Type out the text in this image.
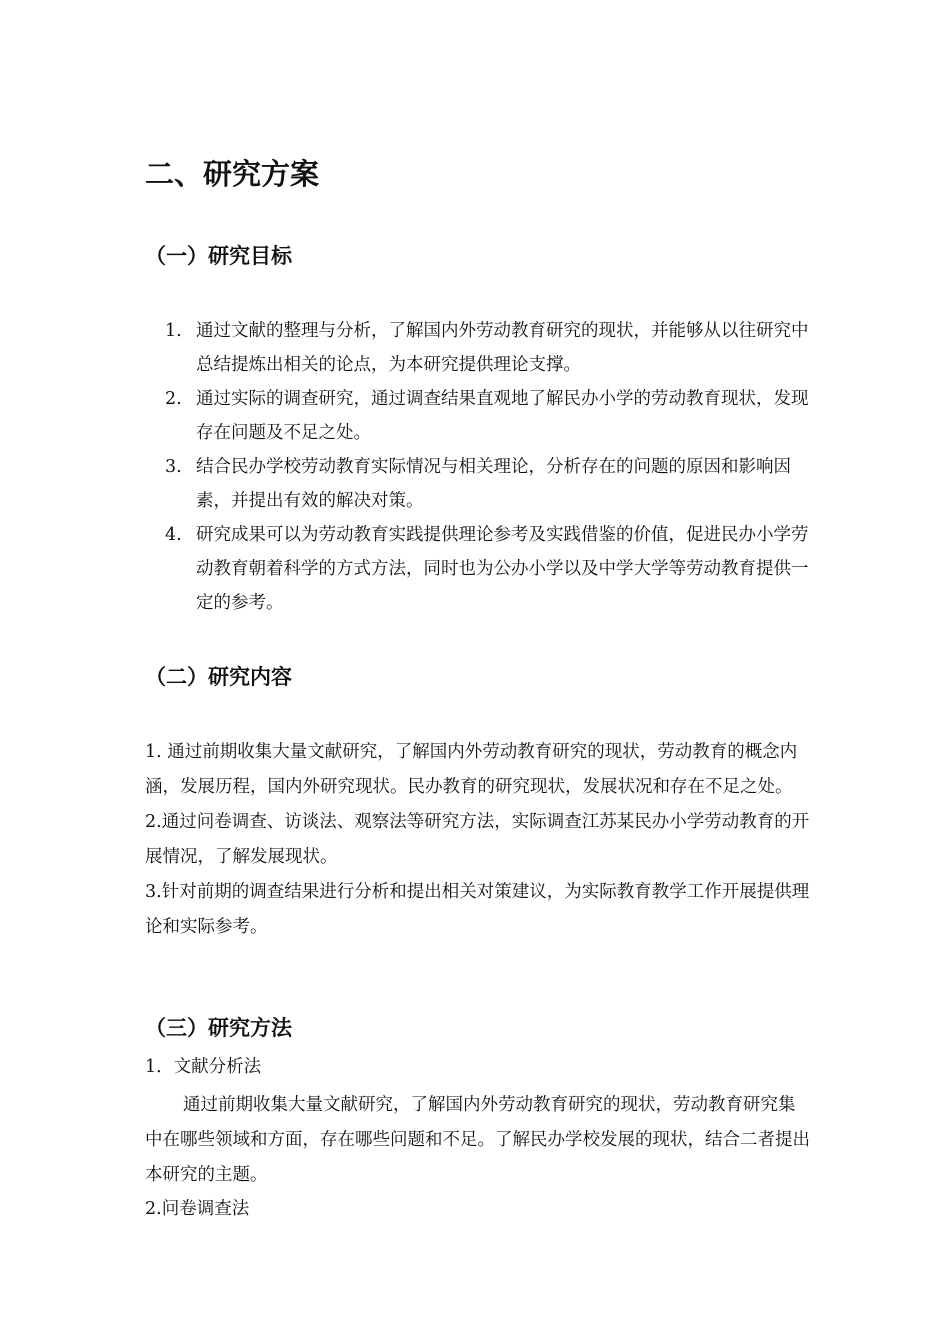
二、研究方案
（一）研究目标
1. 通过文献的整理与分析，了解国内外劳动教育研究的现状，并能够从以往研究中总结提炼出相关的论点，为本研究提供理论支撑。
2. 通过实际的调查研究，通过调查结果直观地了解民办小学的劳动教育现状，发现存在问题及不足之处。
3. 结合民办学校劳动教育实际情况与相关理论，分析存在的问题的原因和影响因素，并提出有效的解决对策。
4. 研究成果可以为劳动教育实践提供理论参考及实践借鉴的价值，促进民办小学劳动教育朝着科学的方式方法，同时也为公办小学以及中学大学等劳动教育提供一定的参考。
（二）研究内容

1. 通过前期收集大量文献研究，了解国内外劳动教育研究的现状，劳动教育的概念内涵，发展历程，国内外研究现状。民办教育的研究现状，发展状况和存在不足之处。

2.通过问卷调查、访谈法、观察法等研究方法，实际调查江苏某民办小学劳动教育的开展情况，了解发展现状。

3.针对前期的调查结果进行分析和提出相关对策建议，为实际教育教学工作开展提供理论和实际参考。

（三）研究方法

1．文献分析法

通过前期收集大量文献研究，了解国内外劳动教育研究的现状，劳动教育研究集中在哪些领域和方面，存在哪些问题和不足。了解民办学校发展的现状，结合二者提出本研究的主题。

2.问卷调查法
